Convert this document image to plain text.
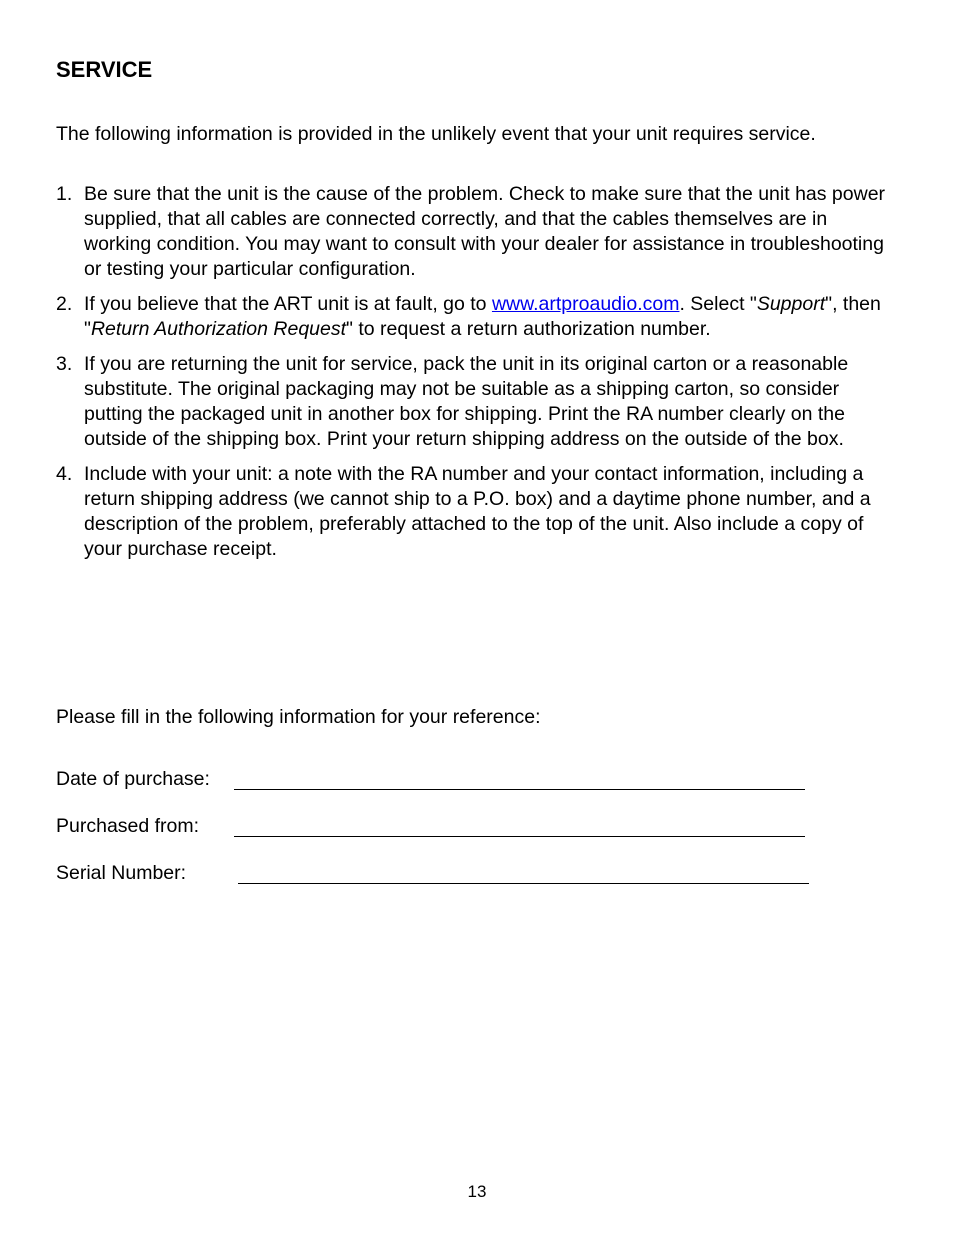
SERVICE

The following information is provided in the unlikely event that your unit requires service.

1. Be sure that the unit is the cause of the problem. Check to make sure that the unit has power supplied, that all cables are connected correctly, and that the cables themselves are in working condition. You may want to consult with your dealer for assistance in troubleshooting or testing your particular configuration.
2. If you believe that the ART unit is at fault, go to www.artproaudio.com. Select "Support", then "Return Authorization Request" to request a return authorization number.
3. If you are returning the unit for service, pack the unit in its original carton or a reasonable substitute. The original packaging may not be suitable as a shipping carton, so consider putting the packaged unit in another box for shipping. Print the RA number clearly on the outside of the shipping box. Print your return shipping address on the outside of the box.
4. Include with your unit: a note with the RA number and your contact information, including a return shipping address (we cannot ship to a P.O. box) and a daytime phone number, and a description of the problem, preferably attached to the top of the unit. Also include a copy of your purchase receipt.

Please fill in the following information for your reference:

Date of purchase:
Purchased from:
Serial Number:
13
